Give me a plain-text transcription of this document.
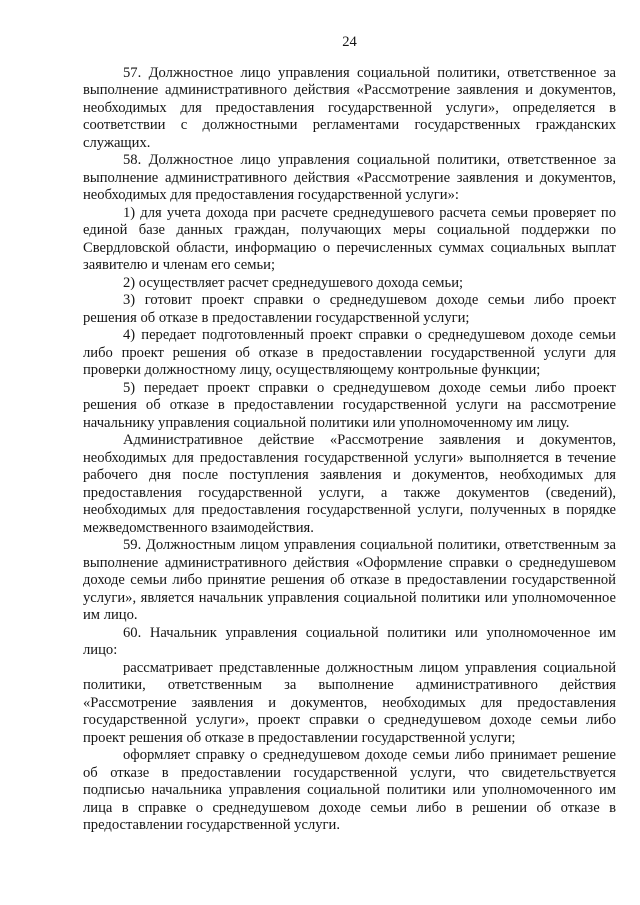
24

57. Должностное лицо управления социальной политики, ответственное за выполнение административного действия «Рассмотрение заявления и документов, необходимых для предоставления государственной услуги», определяется в соответствии с должностными регламентами государственных гражданских служащих.

58. Должностное лицо управления социальной политики, ответственное за выполнение административного действия «Рассмотрение заявления и документов, необходимых для предоставления государственной услуги»:

1) для учета дохода при расчете среднедушевого расчета семьи проверяет по единой базе данных граждан, получающих меры социальной поддержки по Свердловской области, информацию о перечисленных суммах социальных выплат заявителю и членам его семьи;

2) осуществляет расчет среднедушевого дохода семьи;

3) готовит проект справки о среднедушевом доходе семьи либо проект решения об отказе в предоставлении государственной услуги;

4) передает подготовленный проект справки о среднедушевом доходе семьи либо проект решения об отказе в предоставлении государственной услуги для проверки должностному лицу, осуществляющему контрольные функции;

5) передает проект справки о среднедушевом доходе семьи либо проект решения об отказе в предоставлении государственной услуги на рассмотрение начальнику управления социальной политики или уполномоченному им лицу.

Административное действие «Рассмотрение заявления и документов, необходимых для предоставления государственной услуги» выполняется в течение рабочего дня после поступления заявления и документов, необходимых для предоставления государственной услуги, а также документов (сведений), необходимых для предоставления государственной услуги, полученных в порядке межведомственного взаимодействия.

59. Должностным лицом управления социальной политики, ответственным за выполнение административного действия «Оформление справки о среднедушевом доходе семьи либо принятие решения об отказе в предоставлении государственной услуги», является начальник управления социальной политики или уполномоченное им лицо.

60. Начальник управления социальной политики или уполномоченное им лицо:

рассматривает представленные должностным лицом управления социальной политики, ответственным за выполнение административного действия «Рассмотрение заявления и документов, необходимых для предоставления государственной услуги», проект справки о среднедушевом доходе семьи либо проект решения об отказе в предоставлении государственной услуги;

оформляет справку о среднедушевом доходе семьи либо принимает решение об отказе в предоставлении государственной услуги, что свидетельствуется подписью начальника управления социальной политики или уполномоченного им лица в справке о среднедушевом доходе семьи либо в решении об отказе в предоставлении государственной услуги.
